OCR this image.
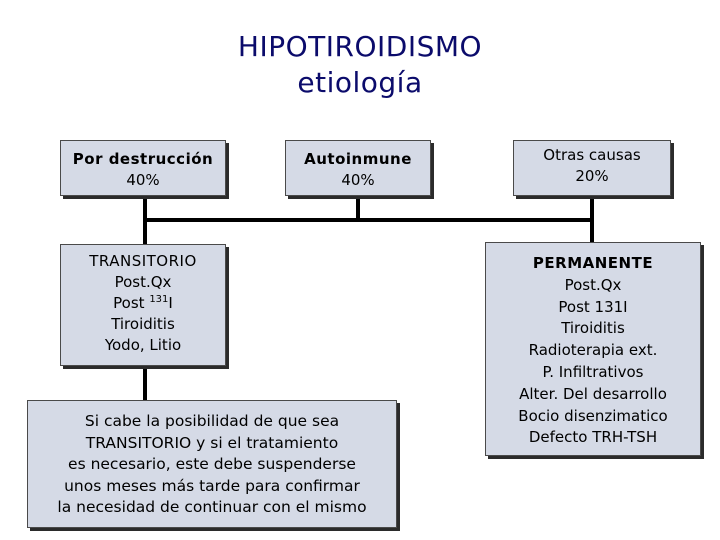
HIPOTIROIDISMO
etiología
Por destrucción
40%
Autoinmune
40%
Otras causas
20%
TRANSITORIO
Post.Qx
Post $^{131}$I
Tiroiditis
Yodo, Litio
PERMANENTE
Post.Qx
Post 131I
Tiroiditis
Radioterapia ext.
P. Infiltrativos
Alter. Del desarrollo
Bocio disenzimatico
Defecto TRH-TSH
Si cabe la posibilidad de que sea
TRANSITORIO y si el tratamiento
es necesario, este debe suspenderse
unos meses más tarde para confirmar
la necesidad de continuar con el mismo
